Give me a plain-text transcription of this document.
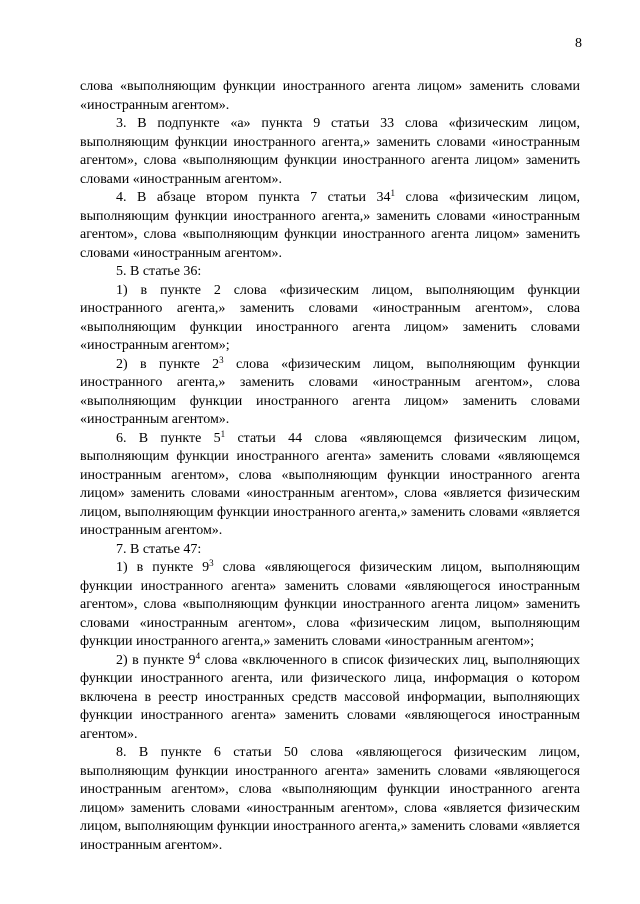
8

слова «выполняющим функции иностранного агента лицом» заменить словами «иностранным агентом».

3. В подпункте «а» пункта 9 статьи 33 слова «физическим лицом, выполняющим функции иностранного агента,» заменить словами «иностранным агентом», слова «выполняющим функции иностранного агента лицом» заменить словами «иностранным агентом».

4. В абзаце втором пункта 7 статьи $34^1$ слова «физическим лицом, выполняющим функции иностранного агента,» заменить словами «иностранным агентом», слова «выполняющим функции иностранного агента лицом» заменить словами «иностранным агентом».

5. В статье 36:

1) в пункте 2 слова «физическим лицом, выполняющим функции иностранного агента,» заменить словами «иностранным агентом», слова «выполняющим функции иностранного агента лицом» заменить словами «иностранным агентом»;

2) в пункте $2^3$ слова «физическим лицом, выполняющим функции иностранного агента,» заменить словами «иностранным агентом», слова «выполняющим функции иностранного агента лицом» заменить словами «иностранным агентом».

6. В пункте $5^1$ статьи 44 слова «являющемся физическим лицом, выполняющим функции иностранного агента» заменить словами «являющемся иностранным агентом», слова «выполняющим функции иностранного агента лицом» заменить словами «иностранным агентом», слова «является физическим лицом, выполняющим функции иностранного агента,» заменить словами «является иностранным агентом».

7. В статье 47:

1) в пункте $9^3$ слова «являющегося физическим лицом, выполняющим функции иностранного агента» заменить словами «являющегося иностранным агентом», слова «выполняющим функции иностранного агента лицом» заменить словами «иностранным агентом», слова «физическим лицом, выполняющим функции иностранного агента,» заменить словами «иностранным агентом»;

2) в пункте $9^4$ слова «включенного в список физических лиц, выполняющих функции иностранного агента, или физического лица, информация о котором включена в реестр иностранных средств массовой информации, выполняющих функции иностранного агента» заменить словами «являющегося иностранным агентом».

8. В пункте 6 статьи 50 слова «являющегося физическим лицом, выполняющим функции иностранного агента» заменить словами «являющегося иностранным агентом», слова «выполняющим функции иностранного агента лицом» заменить словами «иностранным агентом», слова «является физическим лицом, выполняющим функции иностранного агента,» заменить словами «является иностранным агентом».
